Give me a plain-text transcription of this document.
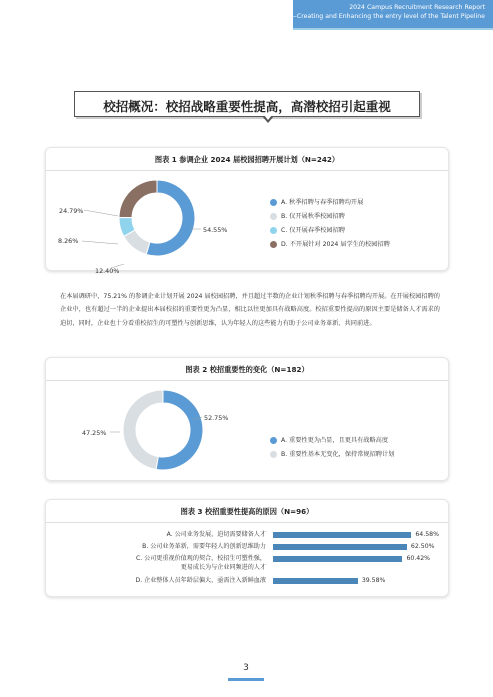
2024 Campus Recruitment Research Report
——Creating and Enhancing the entry level of the Talent Pipeline
校招概况：校招战略重要性提高，高潜校招引起重视
图表 1 参调企业 2024 届校园招聘开展计划（N=242）
54.55%
12.40%
8.26%
24.79%
A. 秋季招聘与春季招聘均开展
B. 仅开展秋季校园招聘
C. 仅开展春季校园招聘
D. 不开展针对 2024 届学生的校园招聘
在本届调研中，75.21% 的参调企业计划开展 2024 届校园招聘，并且超过半数的企业计划秋季招聘与春季招聘均开展。在开展校园招聘的企业中，也有超过一半的企业提出本届校招的重要性更为凸显，相比以往更加具有战略高度。校招重要性提高的原因主要是储备人才需求的迫切，同时，企业也十分看重校招生的可塑性与创新思维，认为年轻人的这些能力有助于公司业务革新、共同前进。
图表 2 校招重要性的变化（N=182）
52.75%
47.25%
A. 重要性更为凸显，且更具有战略高度
B. 重要性基本无变化，保持常规招聘计划
图表 3 校招重要性提高的原因（N=96）
A. 公司业务发展，迫切需要储备人才	64.58%
B. 公司业务革新，需要年轻人的创新思维助力	62.50%
C. 公司更重视价值观的契合，校招生可塑性强，	60.42%
更易成长为与企业同频进的人才
D. 企业整体人员年龄层偏大，亟需注入新鲜血液	39.58%
3
